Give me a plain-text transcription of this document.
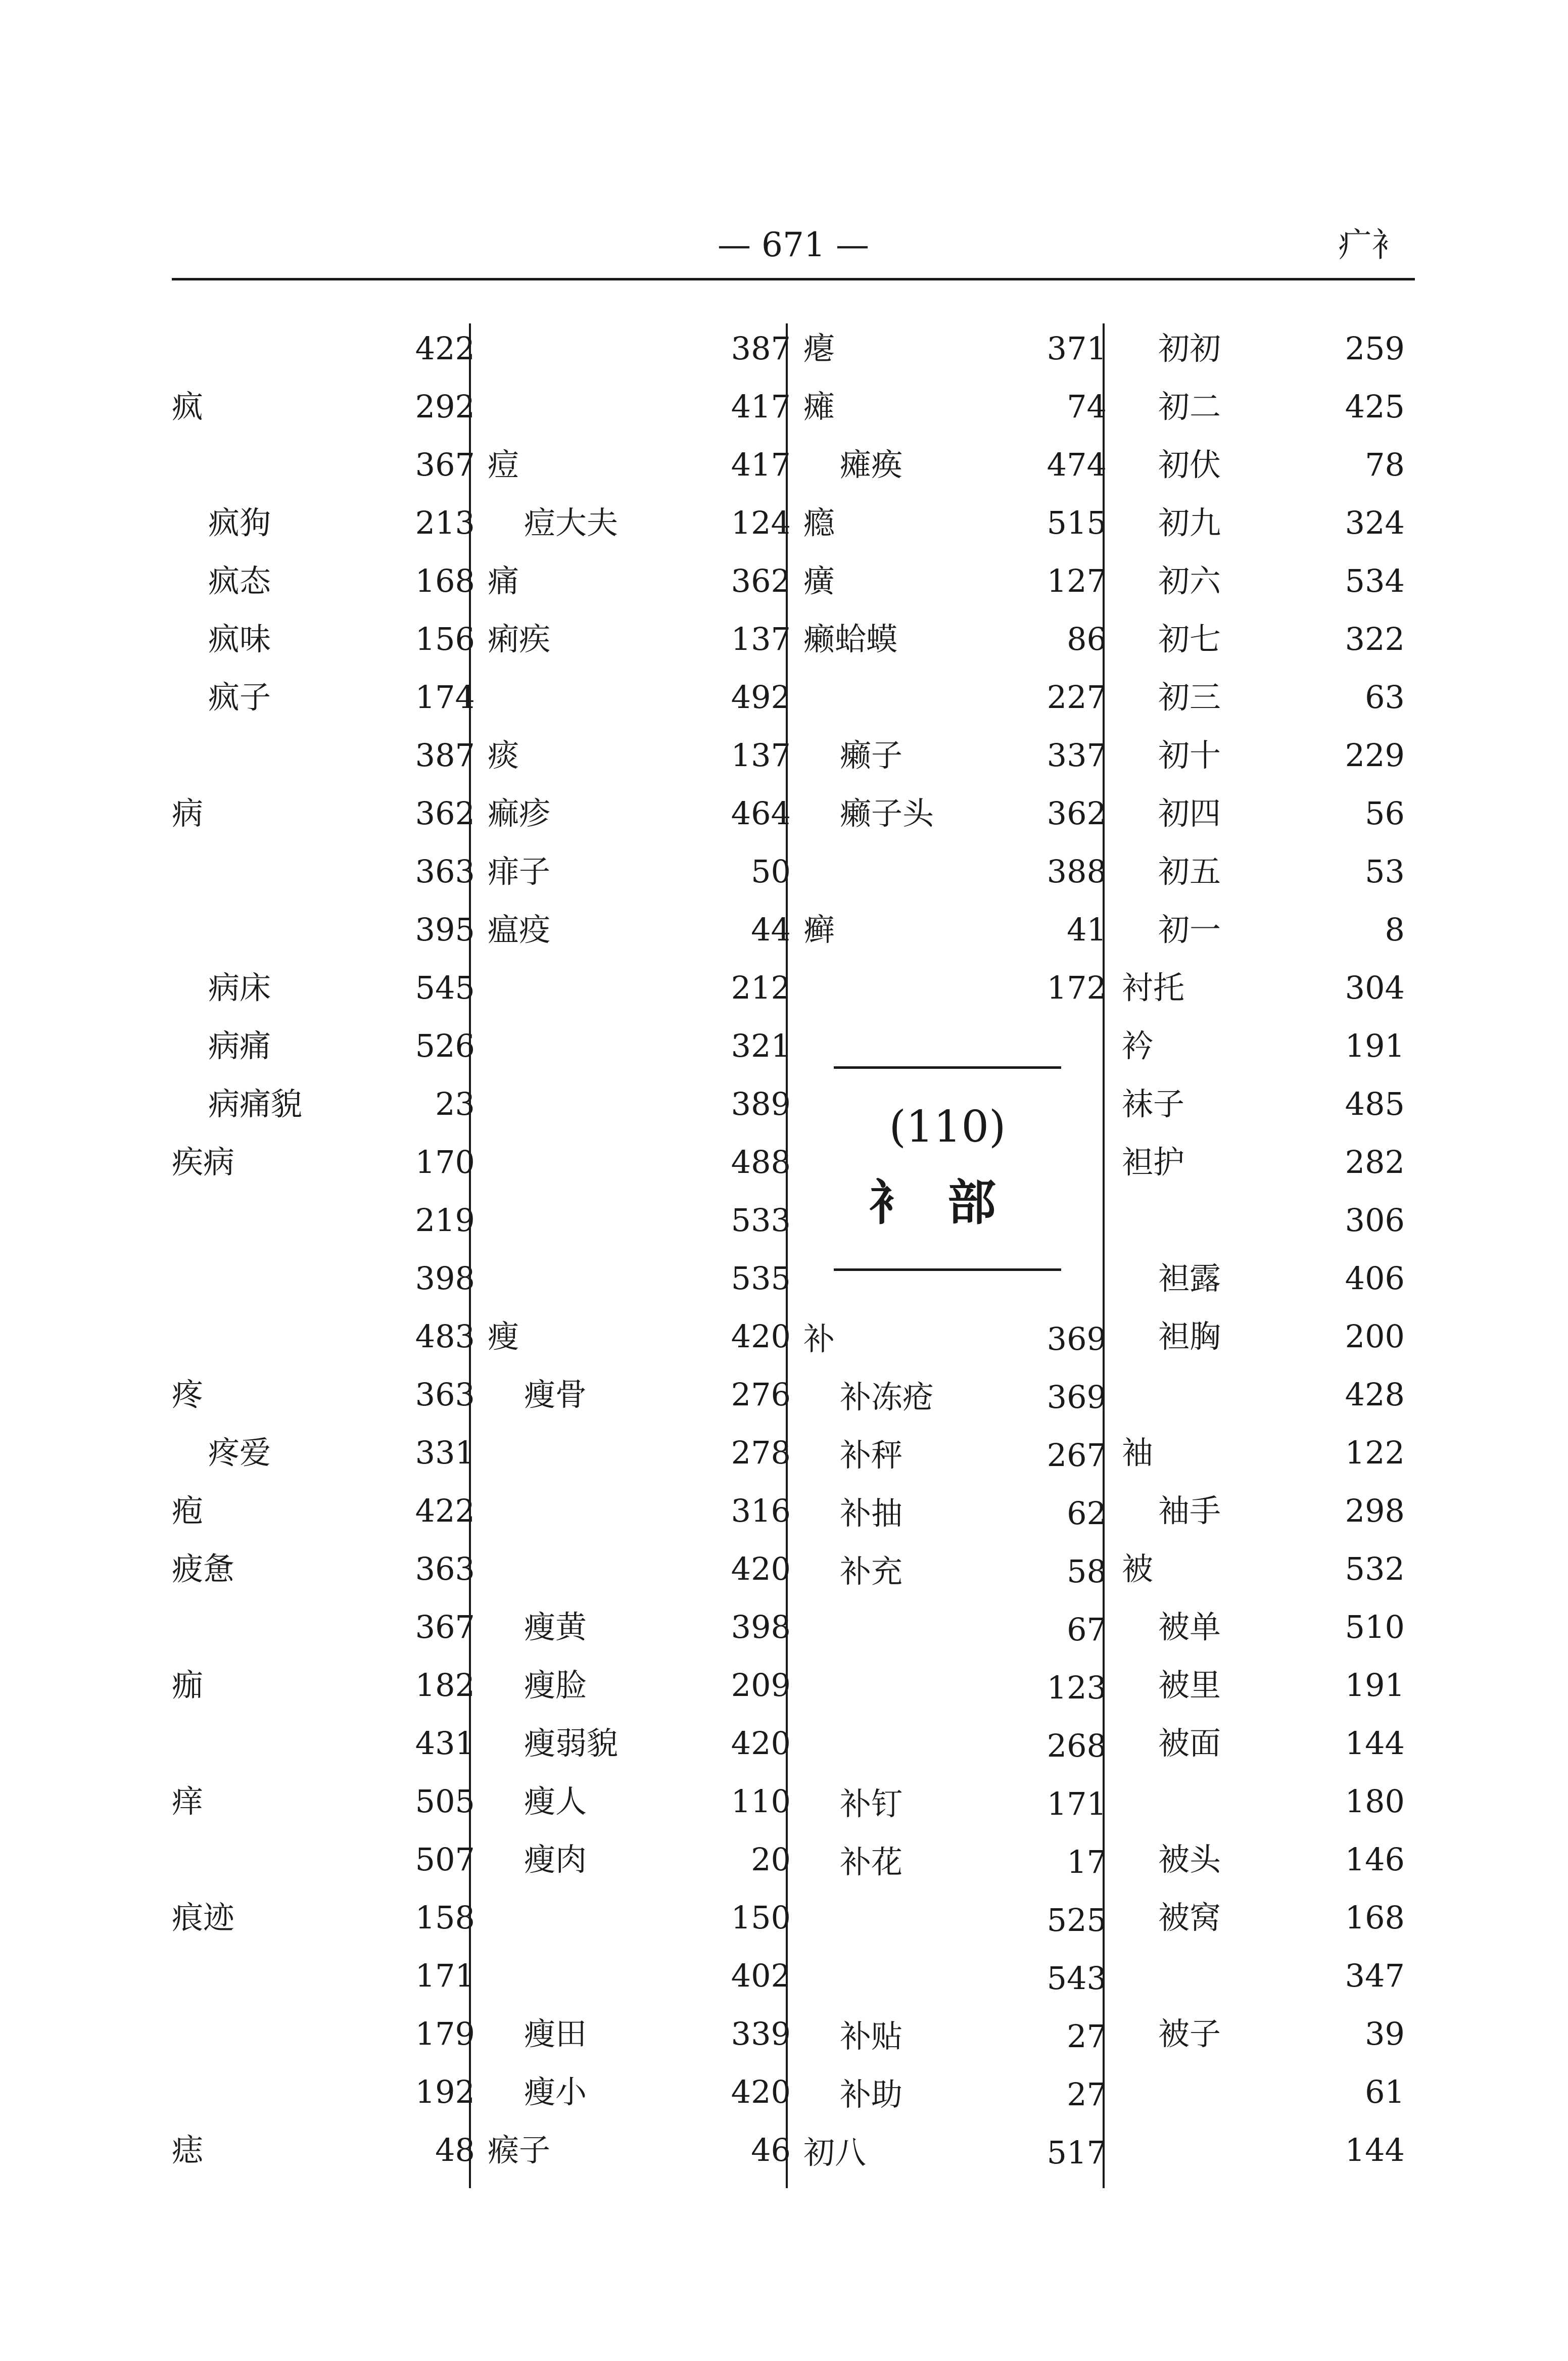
— 671 —	疒衤
422
疯	292
367
疯狗	213
疯态	168
疯味	156
疯子	174
387
病	362
363
395
病床	545
病痛	526
病痛貌	23
疾病	170
219
398
483
疼	363
疼爱	331
疱	422
疲惫	363
367
痂	182
431
痒	505
507
痕迹	158
171
179
192
痣	48
387
417
痘	417
痘大夫	124
痛	362
痢疾	137
492
痰	137
痲疹	464
痱子	50
瘟疫	44
212
321
389
488
533
535
瘦	420
瘦骨	276
278
316
420
瘦黄	398
瘦脸	209
瘦弱貌	420
瘦人	110
瘦肉	20
150
402
瘦田	339
瘦小	420
瘊子	46
瘪	371
瘫	74
瘫痪	474
瘾	515
癀	127
癞蛤蟆	86
227
癞子	337
癞子头	362
388
癣	41
172
(110)
衤部
补	369
补冻疮	369
补秤	267
补抽	62
补充	58
67
123
268
补钉	171
补花	17
525
543
补贴	27
补助	27
初八	517
初初	259
初二	425
初伏	78
初九	324
初六	534
初七	322
初三	63
初十	229
初四	56
初五	53
初一	8
衬托	304
衿	191
袜子	485
袒护	282
306
袒露	406
袒胸	200
428
袖	122
袖手	298
被	532
被单	510
被里	191
被面	144
180
被头	146
被窝	168
347
被子	39
61
144
